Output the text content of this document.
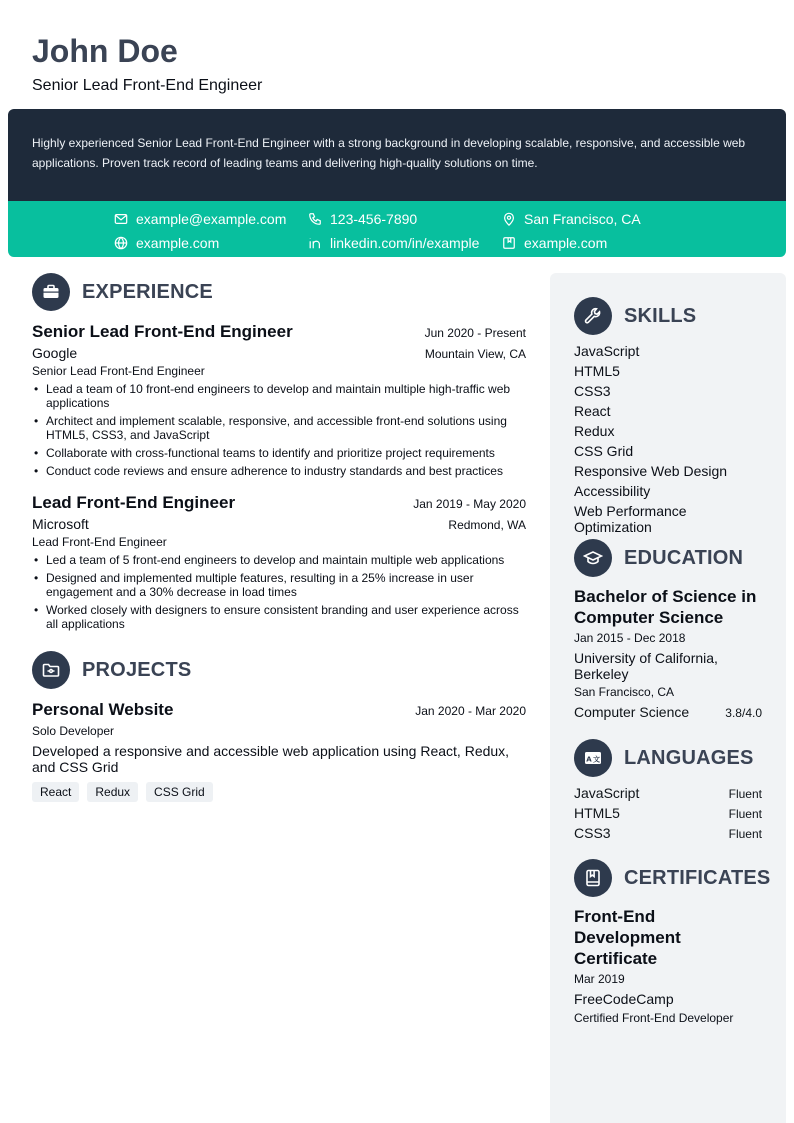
John Doe
Senior Lead Front-End Engineer

Highly experienced Senior Lead Front-End Engineer with a strong background in developing scalable, responsive, and accessible web applications. Proven track record of leading teams and delivering high-quality solutions on time.

example@example.com	123-456-7890	San Francisco, CA
example.com	linkedin.com/in/example	example.com
EXPERIENCE
Senior Lead Front-End Engineer	Jun 2020 - Present
Google	Mountain View, CA
Senior Lead Front-End Engineer
• Lead a team of 10 front-end engineers to develop and maintain multiple high-traffic web applications
• Architect and implement scalable, responsive, and accessible front-end solutions using HTML5, CSS3, and JavaScript
• Collaborate with cross-functional teams to identify and prioritize project requirements
• Conduct code reviews and ensure adherence to industry standards and best practices
Lead Front-End Engineer	Jan 2019 - May 2020
Microsoft	Redmond, WA
Lead Front-End Engineer
• Led a team of 5 front-end engineers to develop and maintain multiple web applications
• Designed and implemented multiple features, resulting in a 25% increase in user engagement and a 30% decrease in load times
• Worked closely with designers to ensure consistent branding and user experience across all applications
PROJECTS
Personal Website	Jan 2020 - Mar 2020
Solo Developer
Developed a responsive and accessible web application using React, Redux, and CSS Grid
React	Redux	CSS Grid
SKILLS
JavaScript
HTML5
CSS3
React
Redux
CSS Grid
Responsive Web Design
Accessibility
Web Performance Optimization
EDUCATION
Bachelor of Science in Computer Science
Jan 2015 - Dec 2018
University of California, Berkeley
San Francisco, CA
Computer Science	3.8/4.0
A 文 LANGUAGES
JavaScript	Fluent
HTML5	Fluent
CSS3	Fluent
CERTIFICATES
Front-End Development Certificate
Mar 2019
FreeCodeCamp
Certified Front-End Developer
